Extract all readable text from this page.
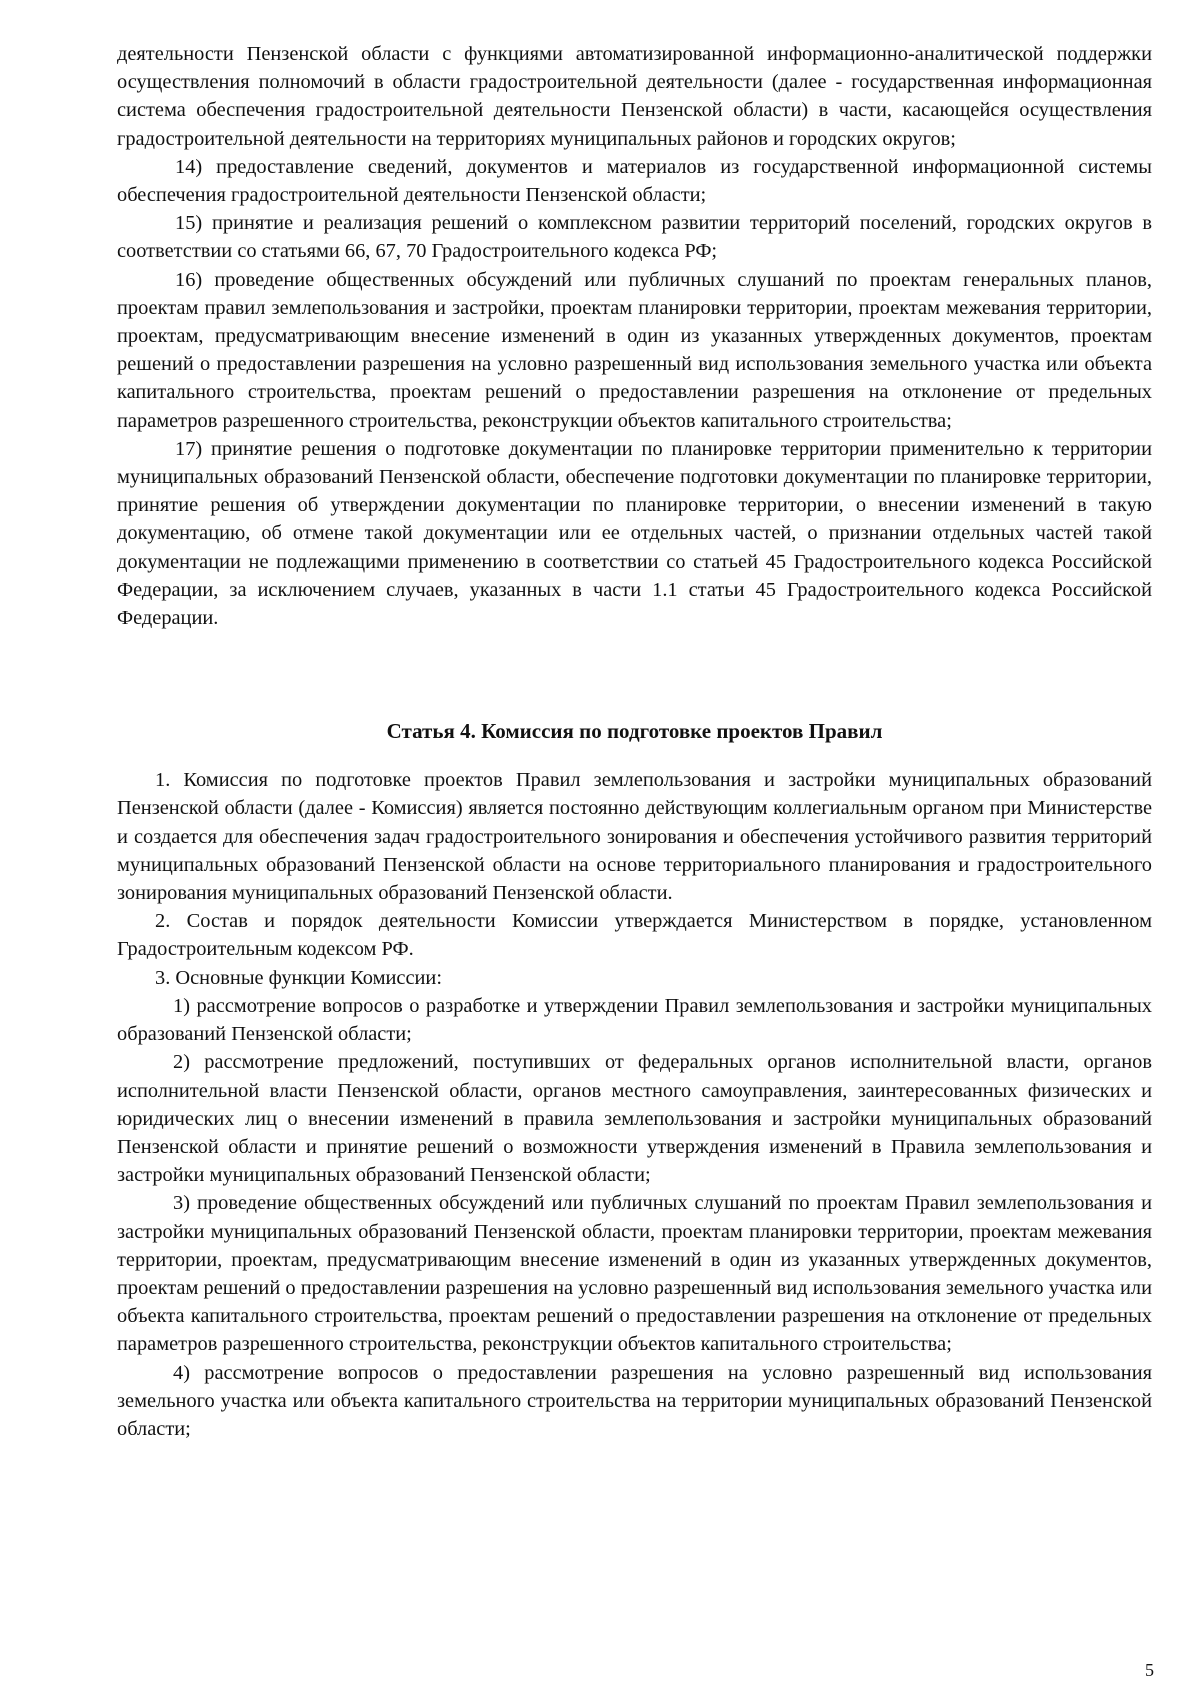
деятельности Пензенской области с функциями автоматизированной информационно-аналитической поддержки осуществления полномочий в области градостроительной деятельности (далее - государственная информационная система обеспечения градостроительной деятельности Пензенской области) в части, касающейся осуществления градостроительной деятельности на территориях муниципальных районов и городских округов;

14) предоставление сведений, документов и материалов из государственной информационной системы обеспечения градостроительной деятельности Пензенской области;

15) принятие и реализация решений о комплексном развитии территорий поселений, городских округов в соответствии со статьями 66, 67, 70 Градостроительного кодекса РФ;

16) проведение общественных обсуждений или публичных слушаний по проектам генеральных планов, проектам правил землепользования и застройки, проектам планировки территории, проектам межевания территории, проектам, предусматривающим внесение изменений в один из указанных утвержденных документов, проектам решений о предоставлении разрешения на условно разрешенный вид использования земельного участка или объекта капитального строительства, проектам решений о предоставлении разрешения на отклонение от предельных параметров разрешенного строительства, реконструкции объектов капитального строительства;

17) принятие решения о подготовке документации по планировке территории применительно к территории муниципальных образований Пензенской области, обеспечение подготовки документации по планировке территории, принятие решения об утверждении документации по планировке территории, о внесении изменений в такую документацию, об отмене такой документации или ее отдельных частей, о признании отдельных частей такой документации не подлежащими применению в соответствии со статьей 45 Градостроительного кодекса Российской Федерации, за исключением случаев, указанных в части 1.1 статьи 45 Градостроительного кодекса Российской Федерации.

Статья 4. Комиссия по подготовке проектов Правил

1. Комиссия по подготовке проектов Правил землепользования и застройки муниципальных образований Пензенской области (далее - Комиссия) является постоянно действующим коллегиальным органом при Министерстве и создается для обеспечения задач градостроительного зонирования и обеспечения устойчивого развития территорий муниципальных образований Пензенской области на основе территориального планирования и градостроительного зонирования муниципальных образований Пензенской области.

2. Состав и порядок деятельности Комиссии утверждается Министерством в порядке, установленном Градостроительным кодексом РФ.

3. Основные функции Комиссии:

1) рассмотрение вопросов о разработке и утверждении Правил землепользования и застройки муниципальных образований Пензенской области;

2) рассмотрение предложений, поступивших от федеральных органов исполнительной власти, органов исполнительной власти Пензенской области, органов местного самоуправления, заинтересованных физических и юридических лиц о внесении изменений в правила землепользования и застройки муниципальных образований Пензенской области и принятие решений о возможности утверждения изменений в Правила землепользования и застройки муниципальных образований Пензенской области;

3) проведение общественных обсуждений или публичных слушаний по проектам Правил землепользования и застройки муниципальных образований Пензенской области, проектам планировки территории, проектам межевания территории, проектам, предусматривающим внесение изменений в один из указанных утвержденных документов, проектам решений о предоставлении разрешения на условно разрешенный вид использования земельного участка или объекта капитального строительства, проектам решений о предоставлении разрешения на отклонение от предельных параметров разрешенного строительства, реконструкции объектов капитального строительства;

4) рассмотрение вопросов о предоставлении разрешения на условно разрешенный вид использования земельного участка или объекта капитального строительства на территории муниципальных образований Пензенской области;

5
